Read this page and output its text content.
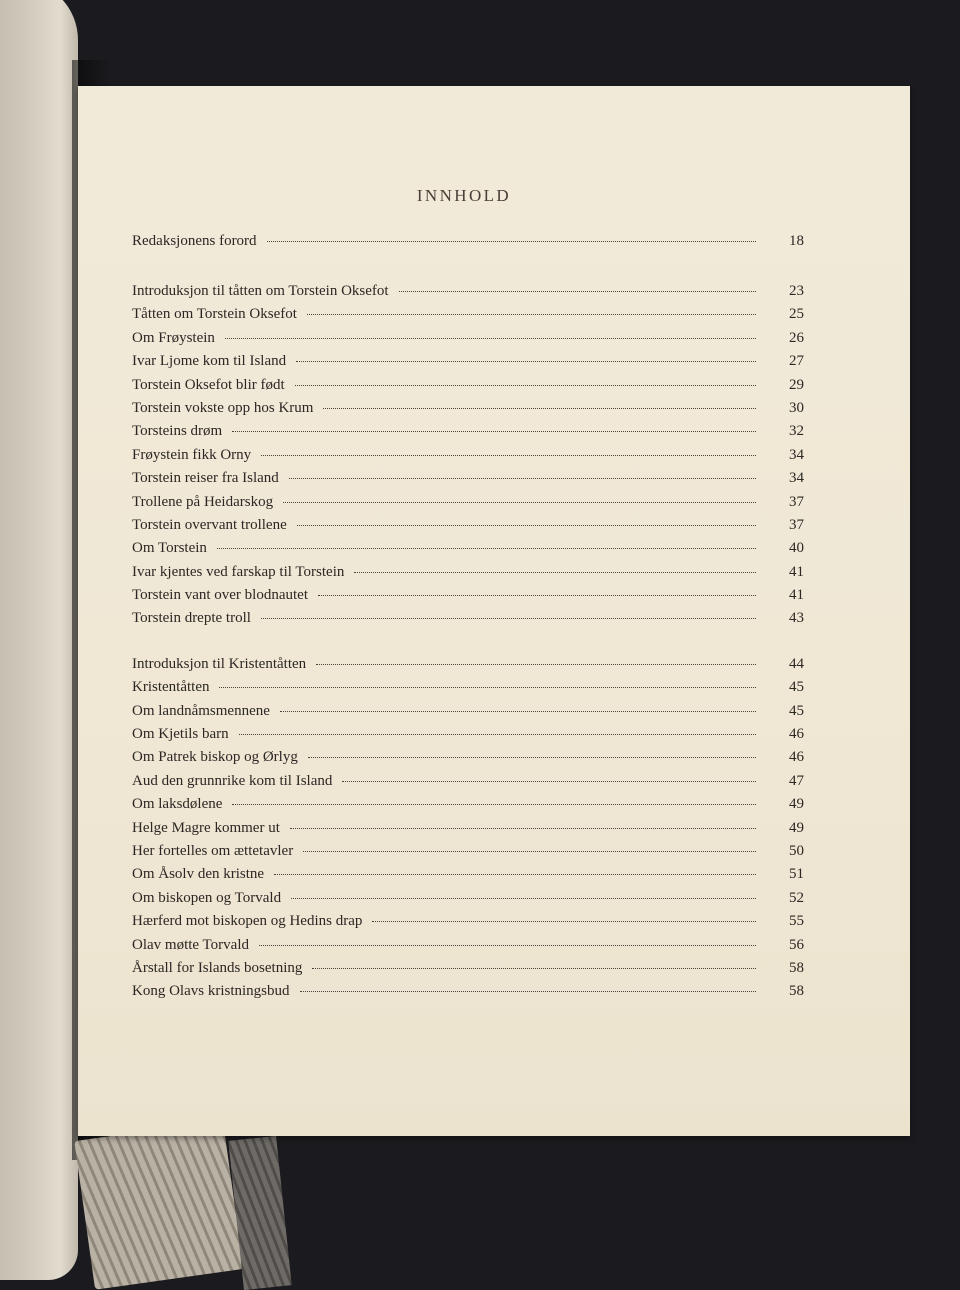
INNHOLD
Redaksjonens forord	18
Introduksjon til tåtten om Torstein Oksefot	23
Tåtten om Torstein Oksefot	25
Om Frøystein	26
Ivar Ljome kom til Island	27
Torstein Oksefot blir født	29
Torstein vokste opp hos Krum	30
Torsteins drøm	32
Frøystein fikk Orny	34
Torstein reiser fra Island	34
Trollene på Heidarskog	37
Torstein overvant trollene	37
Om Torstein	40
Ivar kjentes ved farskap til Torstein	41
Torstein vant over blodnautet	41
Torstein drepte troll	43
Introduksjon til Kristentåtten	44
Kristentåtten	45
Om landnåmsmennene	45
Om Kjetils barn	46
Om Patrek biskop og Ørlyg	46
Aud den grunnrike kom til Island	47
Om laksdølene	49
Helge Magre kommer ut	49
Her fortelles om ættetavler	50
Om Åsolv den kristne	51
Om biskopen og Torvald	52
Hærferd mot biskopen og Hedins drap	55
Olav møtte Torvald	56
Årstall for Islands bosetning	58
Kong Olavs kristningsbud	58
